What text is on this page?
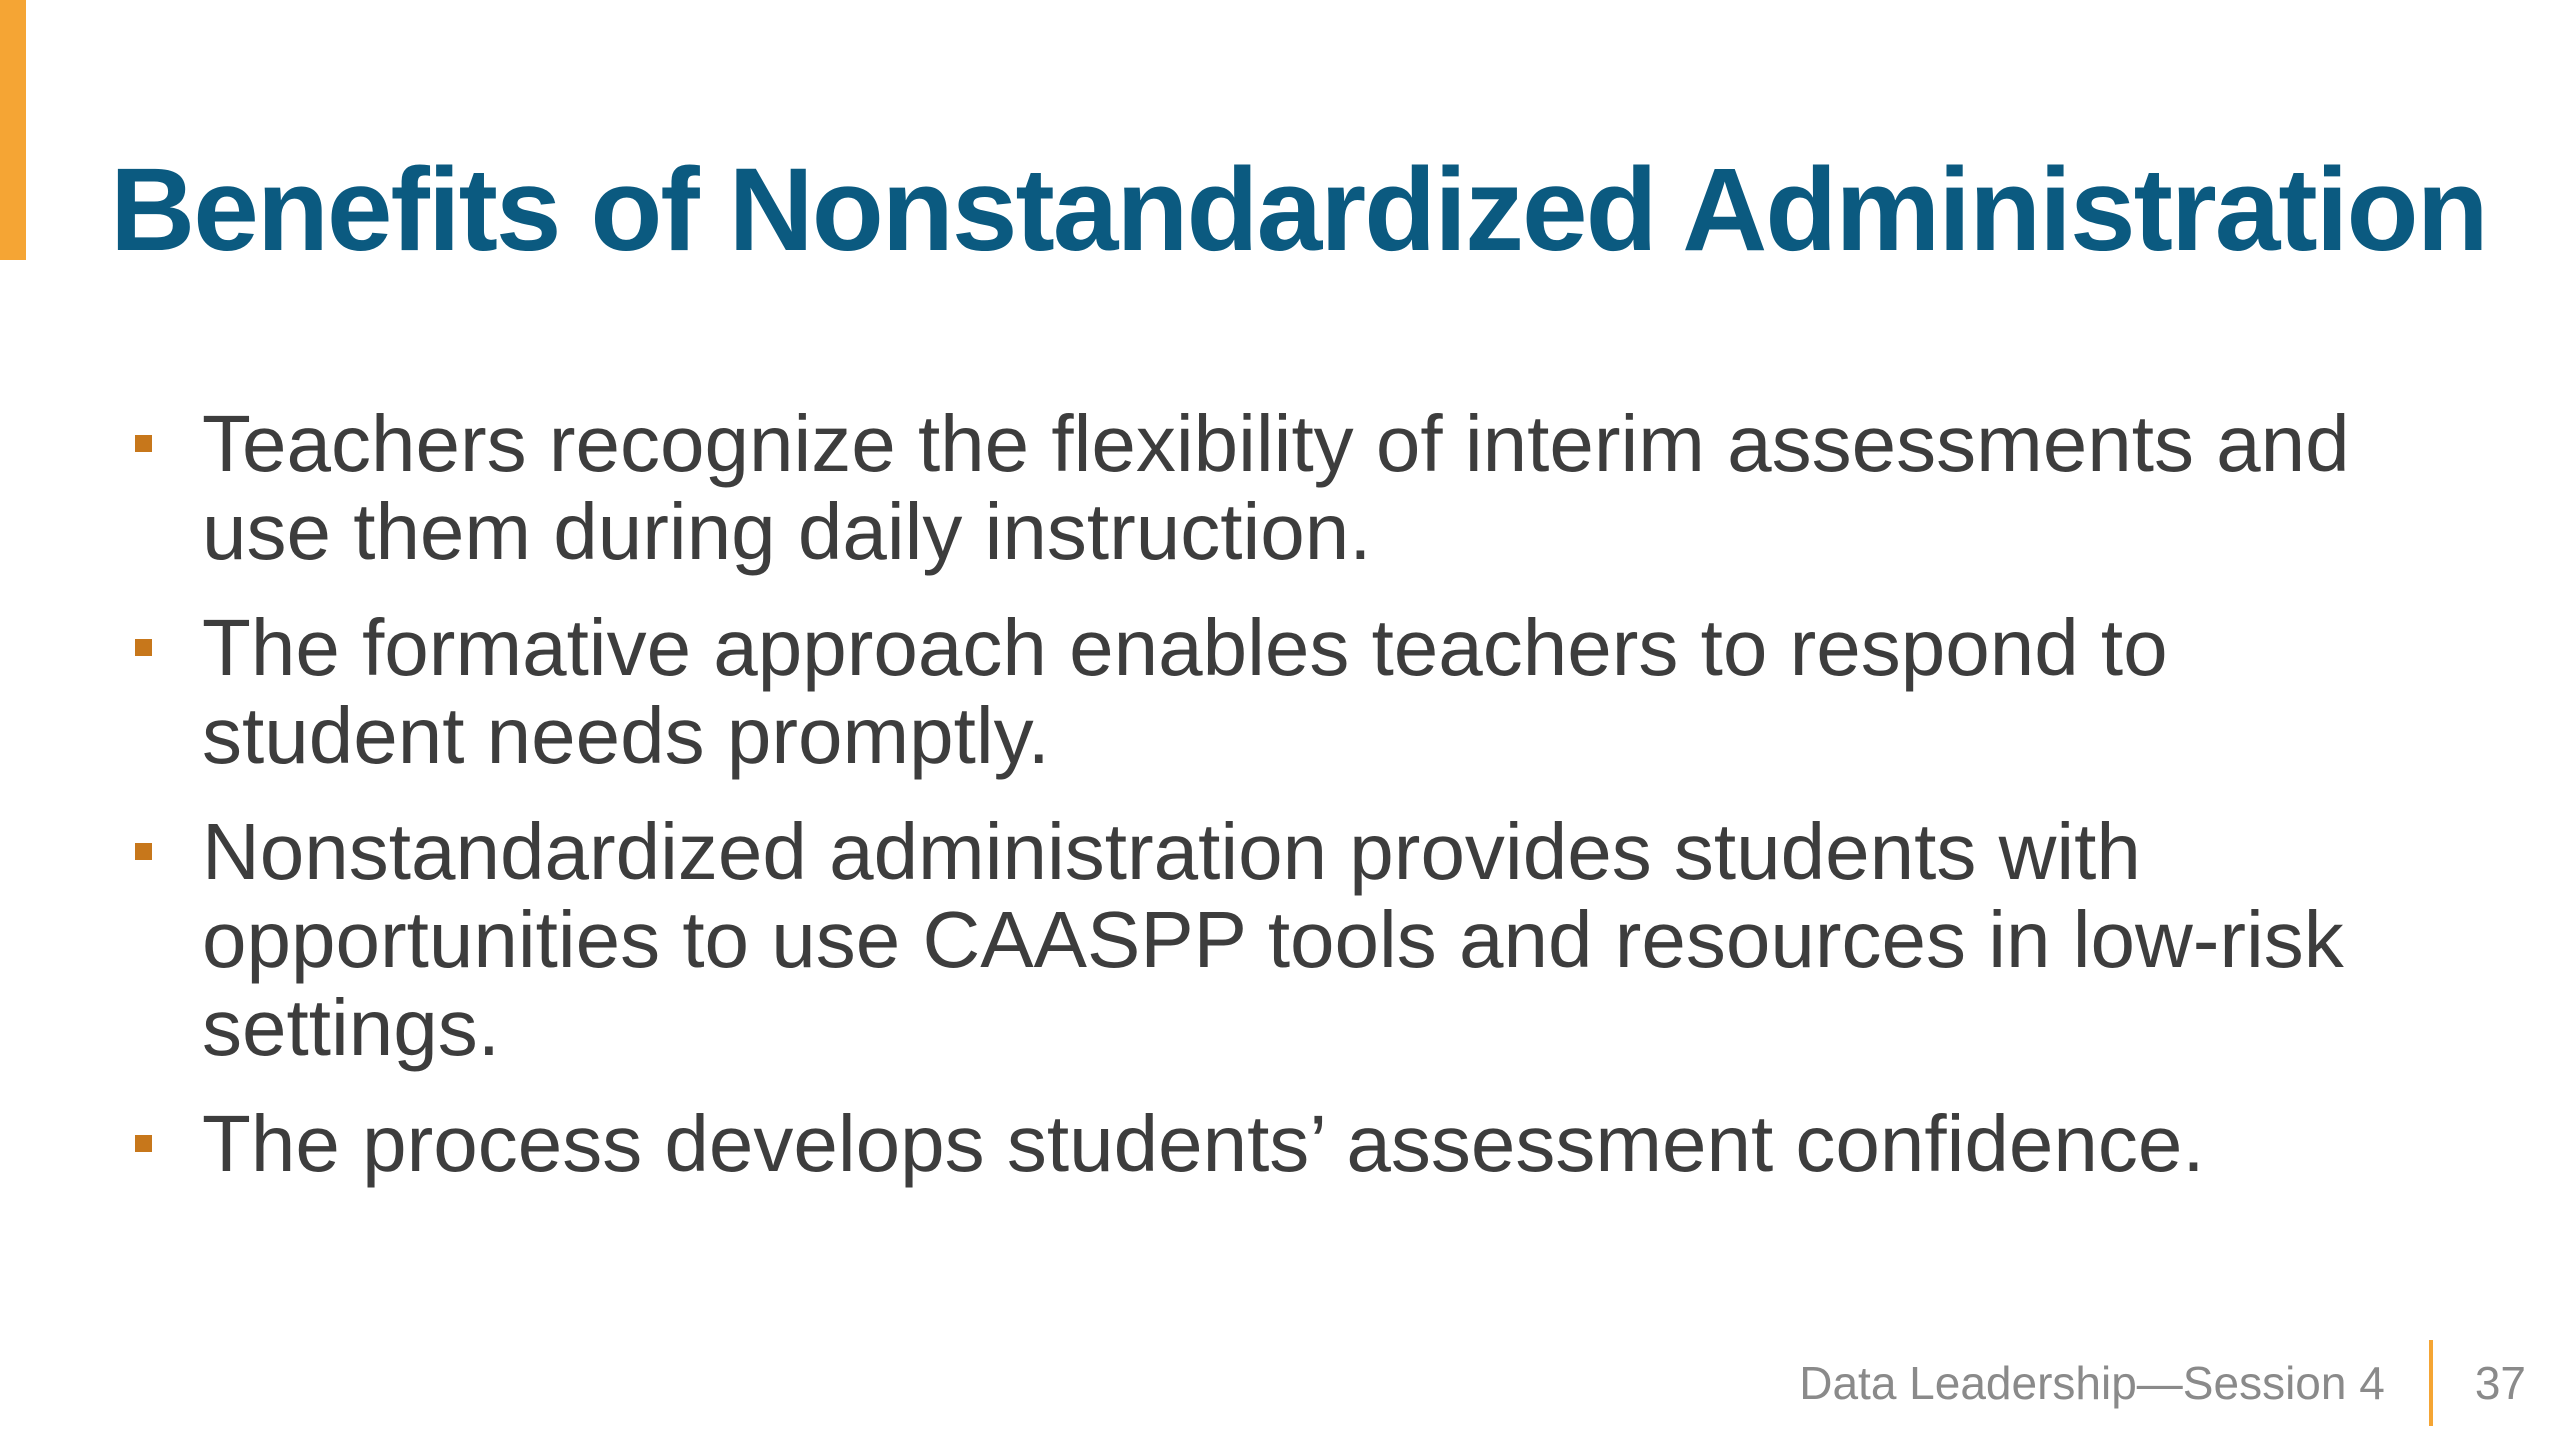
Benefits of Nonstandardized Administration
Teachers recognize the flexibility of interim assessments and use them during daily instruction.
The formative approach enables teachers to respond to student needs promptly.
Nonstandardized administration provides students with opportunities to use CAASPP tools and resources in low-risk settings.
The process develops students’ assessment confidence.
Data Leadership—Session 4 37
